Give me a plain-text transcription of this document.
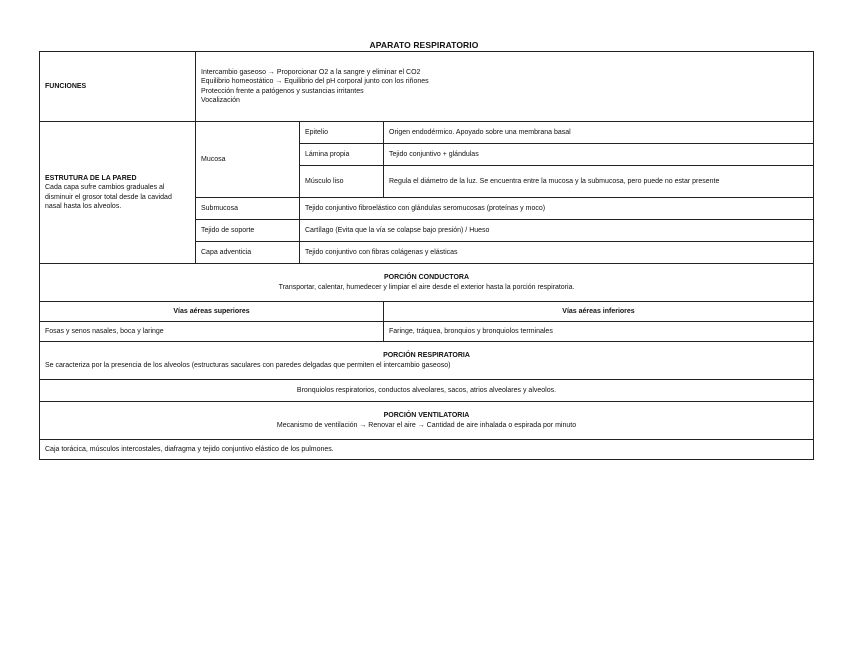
APARATO RESPIRATORIO
FUNCIONES	Intercambio gaseoso → Proporcionar O2 a la sangre y eliminar el CO2
Equilibrio homeostático → Equilibrio del pH corporal junto con los riñones
Protección frente a patógenos y sustancias irritantes
Vocalización		

ESTRUTURA DE LA PARED
Cada capa sufre cambios graduales al disminuir el grosor total desde la cavidad nasal hasta los alveolos.	Mucosa	Epitelio	Origen endodérmico. Apoyado sobre una membrana basal
		Lámina propia	Tejido conjuntivo + glándulas
		Músculo liso	Regula el diámetro de la luz. Se encuentra entre la mucosa y la submucosa, pero puede no estar presente
	Submucosa	Tejido conjuntivo fibroelástico con glándulas seromucosas (proteínas y moco)	
	Tejido de soporte	Cartílago (Evita que la vía se colapse bajo presión) / Hueso	
	Capa adventicia	Tejido conjuntivo con fibras colágenas y elásticas	

PORCIÓN CONDUCTORA
Transportar, calentar, humedecer y limpiar el aire desde el exterior hasta la porción respiratoria.			

Vías aéreas superiores			Vías aéreas inferiores
Fosas y senos nasales, boca y laringe			Faringe, tráquea, bronquios y bronquiolos terminales

PORCIÓN RESPIRATORIA
Se caracteriza por la presencia de los alveolos (estructuras saculares con paredes delgadas que permiten el intercambio gaseoso)			

Bronquiolos respiratorios, conductos alveolares, sacos, atrios alveolares y alveolos.			

PORCIÓN VENTILATORIA
Mecanismo de ventilación → Renovar el aire → Cantidad de aire inhalada o espirada por minuto			

Caja torácica, músculos intercostales, diafragma y tejido conjuntivo elástico de los pulmones.			
